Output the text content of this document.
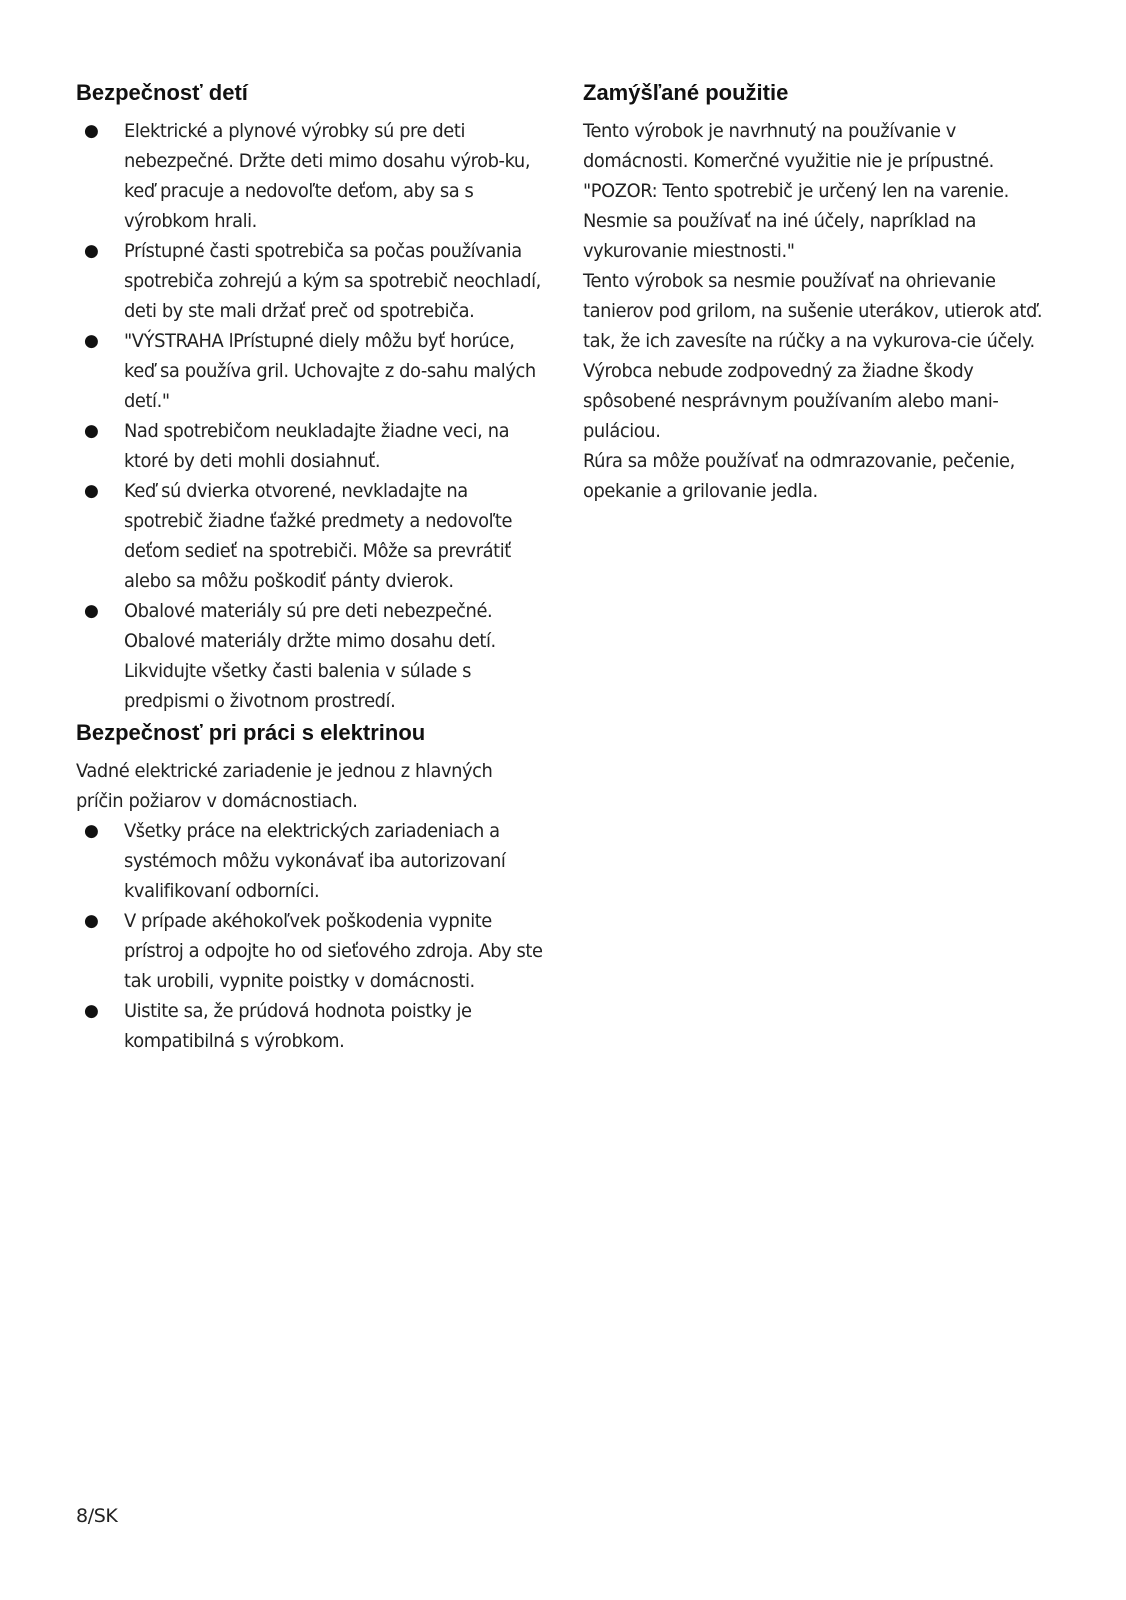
Bezpečnosť detí
● Elektrické a plynové výrobky sú pre deti nebezpečné. Držte deti mimo dosahu výrob-ku, keď pracuje a nedovoľte deťom, aby sa s výrobkom hrali.
● Prístupné časti spotrebiča sa počas používania spotrebiča zohrejú a kým sa spotrebič neochladí, deti by ste mali držať preč od spotrebiča.
● "VÝSTRAHA lPrístupné diely môžu byť horúce, keď sa používa gril. Uchovajte z do-sahu malých detí."
● Nad spotrebičom neukladajte žiadne veci, na ktoré by deti mohli dosiahnuť.
● Keď sú dvierka otvorené, nevkladajte na spotrebič žiadne ťažké predmety a nedovoľte deťom sedieť na spotrebiči. Môže sa prevrátiť alebo sa môžu poškodiť pánty dvierok.
● Obalové materiály sú pre deti nebezpečné. Obalové materiály držte mimo dosahu detí. Likvidujte všetky časti balenia v súlade s predpismi o životnom prostredí.
Bezpečnosť pri práci s elektrinou

Vadné elektrické zariadenie je jednou z hlavných príčin požiarov v domácnostiach.

● Všetky práce na elektrických zariadeniach a systémoch môžu vykonávať iba autorizovaní kvalifikovaní odborníci.
● V prípade akéhokoľvek poškodenia vypnite prístroj a odpojte ho od sieťového zdroja. Aby ste tak urobili, vypnite poistky v domácnosti.
● Uistite sa, že prúdová hodnota poistky je kompatibilná s výrobkom.
Zamýšľané použitie

Tento výrobok je navrhnutý na používanie v domácnosti. Komerčné využitie nie je prípustné. "POZOR: Tento spotrebič je určený len na varenie. Nesmie sa používať na iné účely, napríklad na vykurovanie miestnosti."

Tento výrobok sa nesmie používať na ohrievanie tanierov pod grilom, na sušenie uterákov, utierok atď. tak, že ich zavesíte na rúčky a na vykurova-cie účely.

Výrobca nebude zodpovedný za žiadne škody spôsobené nesprávnym používaním alebo mani-puláciou.

Rúra sa môže používať na odmrazovanie, pečenie, opekanie a grilovanie jedla.

8/SK
